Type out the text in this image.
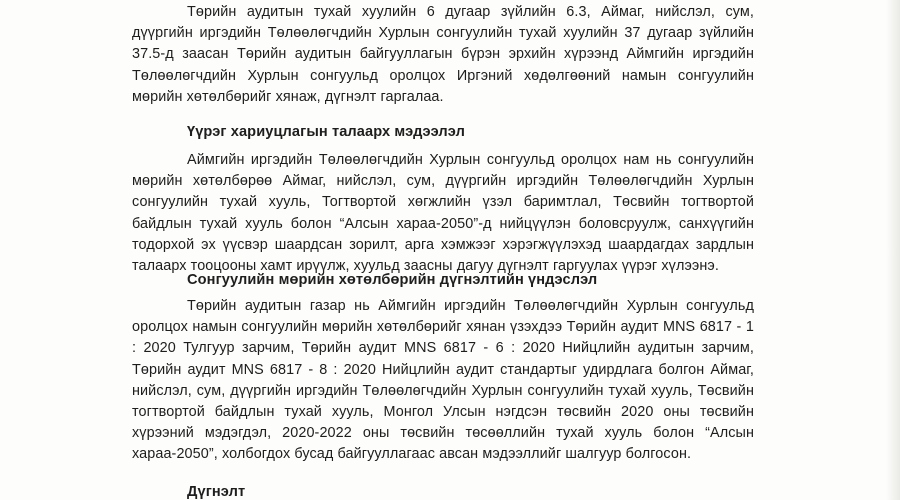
Төрийн аудитын тухай хуулийн 6 дугаар зүйлийн 6.3, Аймаг, нийслэл, сум, дүүргийн иргэдийн Төлөөлөгчдийн Хурлын сонгуулийн тухай хуулийн 37 дугаар зүйлийн 37.5-д заасан Төрийн аудитын байгууллагын бүрэн эрхийн хүрээнд Аймгийн иргэдийн Төлөөлөгчдийн Хурлын сонгуульд оролцох Иргэний хөдөлгөөний намын сонгуулийн мөрийн хөтөлбөрийг хянаж, дүгнэлт гаргалаа.

Үүрэг хариуцлагын талаарх мэдээлэл

Аймгийн иргэдийн Төлөөлөгчдийн Хурлын сонгуульд оролцох нам нь сонгуулийн мөрийн хөтөлбөрөө Аймаг, нийслэл, сум, дүүргийн иргэдийн Төлөөлөгчдийн Хурлын сонгуулийн тухай хууль, Тогтвортой хөгжлийн үзэл баримтлал, Төсвийн тогтвортой байдлын тухай хууль болон “Алсын хараа-2050”-д нийцүүлэн боловсруулж, санхүүгийн тодорхой эх үүсвэр шаардсан зорилт, арга хэмжээг хэрэгжүүлэхэд шаардагдах зардлын талаарх тооцооны хамт ирүүлж, хуульд заасны дагуу дүгнэлт гаргуулах үүрэг хүлээнэ.

Сонгуулийн мөрийн хөтөлбөрийн дүгнэлтийн үндэслэл

Төрийн аудитын газар нь Аймгийн иргэдийн Төлөөлөгчдийн Хурлын сонгуульд оролцох намын сонгуулийн мөрийн хөтөлбөрийг хянан үзэхдээ Төрийн аудит MNS 6817 - 1 : 2020 Тулгуур зарчим, Төрийн аудит MNS 6817 - 6 : 2020 Нийцлийн аудитын зарчим, Төрийн аудит MNS 6817 - 8 : 2020 Нийцлийн аудит стандартыг удирдлага болгон Аймаг, нийслэл, сум, дүүргийн иргэдийн Төлөөлөгчдийн Хурлын сонгуулийн тухай хууль, Төсвийн тогтвортой байдлын тухай хууль, Монгол Улсын нэгдсэн төсвийн 2020 оны төсвийн хүрээний мэдэгдэл, 2020-2022 оны төсвийн төсөөллийн тухай хууль болон “Алсын хараа-2050”, холбогдох бусад байгууллагаас авсан мэдээллийг шалгуур болгосон.

Дүгнэлт
